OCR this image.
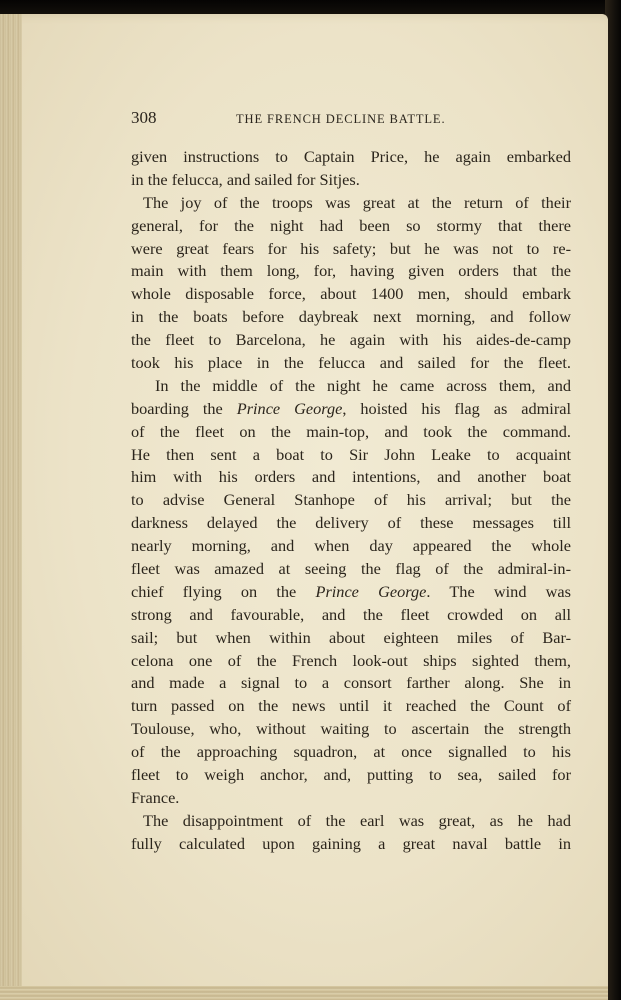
308	THE FRENCH DECLINE BATTLE.
given instructions to Captain Price, he again embarked
in the felucca, and sailed for Sitjes.
The joy of the troops was great at the return of their
general, for the night had been so stormy that there
were great fears for his safety; but he was not to re-
main with them long, for, having given orders that the
whole disposable force, about 1400 men, should embark
in the boats before daybreak next morning, and follow
the fleet to Barcelona, he again with his aides-de-camp
took his place in the felucca and sailed for the fleet.
In the middle of the night he came across them, and
boarding the Prince George, hoisted his flag as admiral
of the fleet on the main-top, and took the command.
He then sent a boat to Sir John Leake to acquaint
him with his orders and intentions, and another boat
to advise General Stanhope of his arrival; but the
darkness delayed the delivery of these messages till
nearly morning, and when day appeared the whole
fleet was amazed at seeing the flag of the admiral-in-
chief flying on the Prince George. The wind was
strong and favourable, and the fleet crowded on all
sail; but when within about eighteen miles of Bar-
celona one of the French look-out ships sighted them,
and made a signal to a consort farther along. She in
turn passed on the news until it reached the Count of
Toulouse, who, without waiting to ascertain the strength
of the approaching squadron, at once signalled to his
fleet to weigh anchor, and, putting to sea, sailed for
France.
The disappointment of the earl was great, as he had
fully calculated upon gaining a great naval battle in
